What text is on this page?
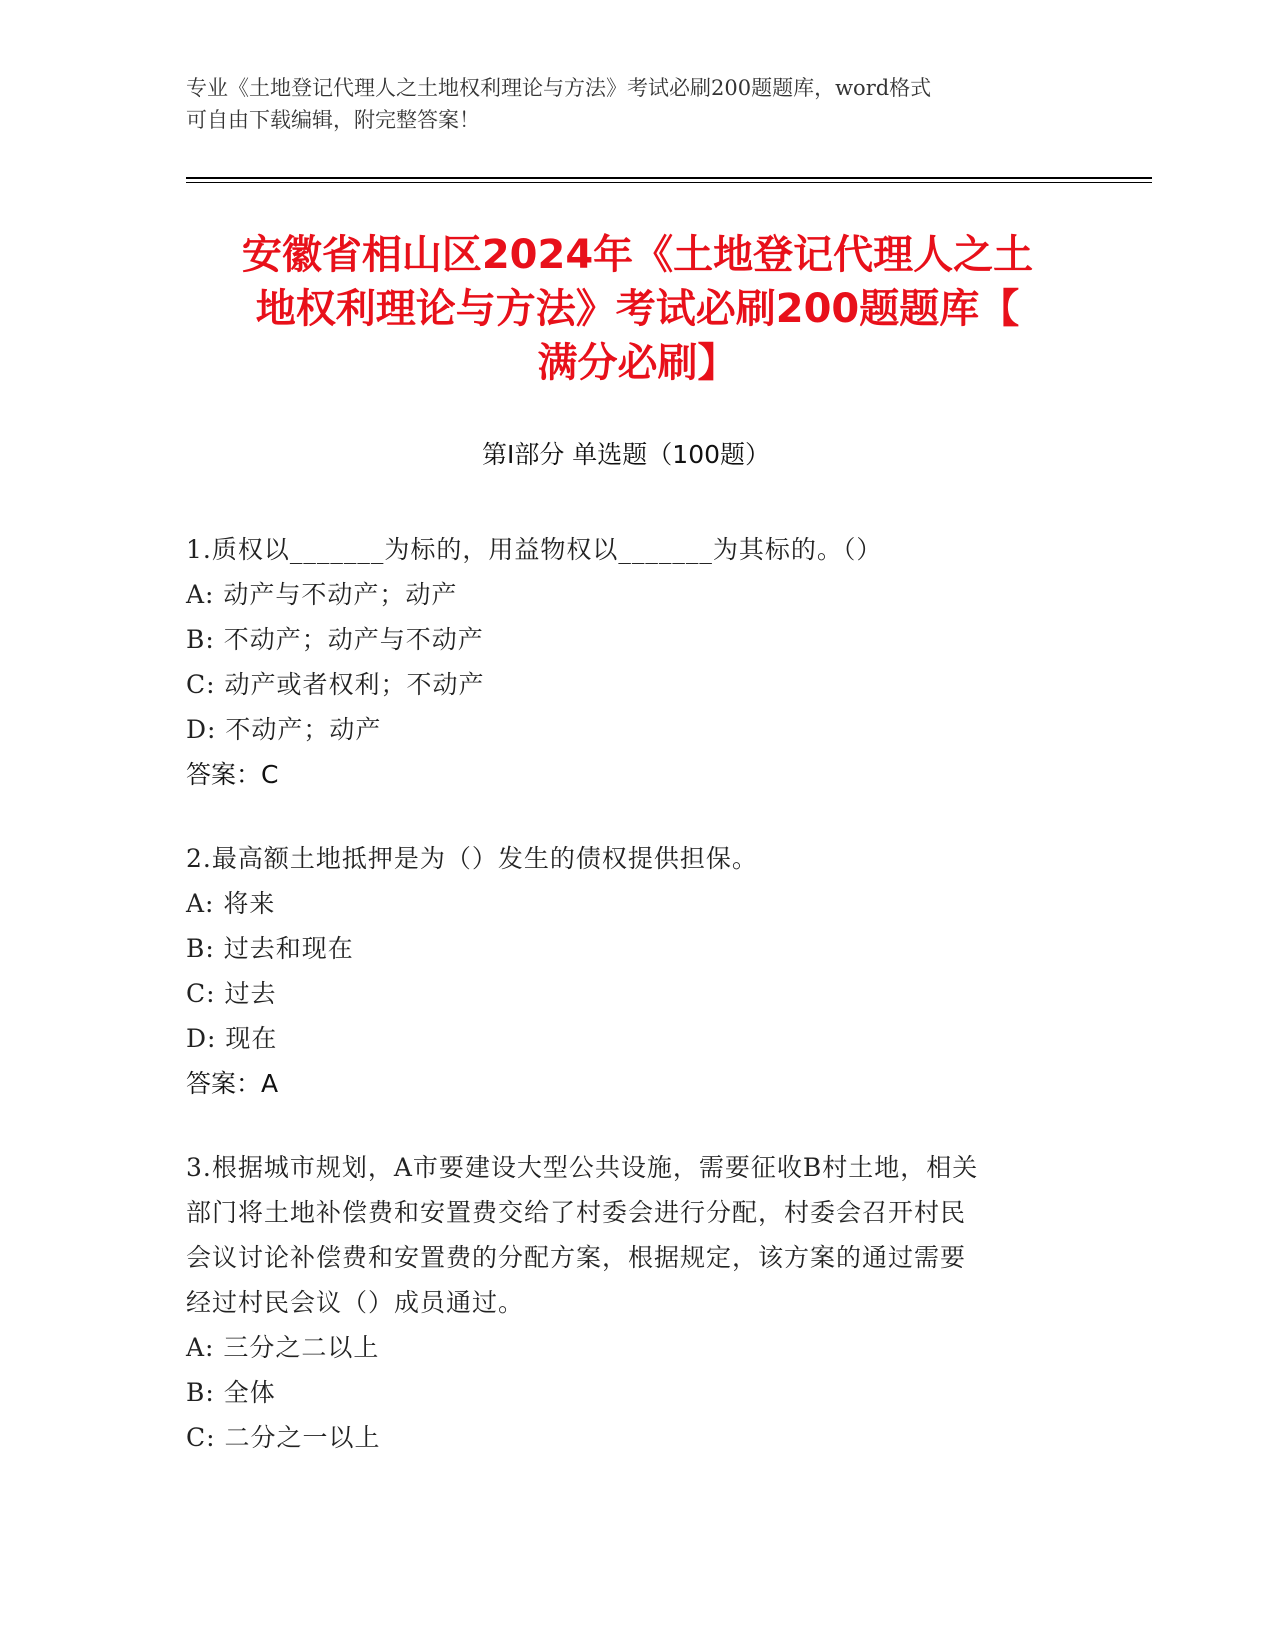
专业《土地登记代理人之土地权利理论与方法》考试必刷200题题库，word格式
可自由下载编辑，附完整答案！
安徽省相山区2024年《土地登记代理人之土
地权利理论与方法》考试必刷200题题库【
满分必刷】
第I部分 单选题（100题）
1.质权以_______为标的，用益物权以_______为其标的。（）
A: 动产与不动产；动产
B: 不动产；动产与不动产
C: 动产或者权利；不动产
D: 不动产；动产
答案：C
2.最高额土地抵押是为（）发生的债权提供担保。
A: 将来
B: 过去和现在
C: 过去
D: 现在
答案：A
3.根据城市规划，A市要建设大型公共设施，需要征收B村土地，相关
部门将土地补偿费和安置费交给了村委会进行分配，村委会召开村民
会议讨论补偿费和安置费的分配方案，根据规定，该方案的通过需要
经过村民会议（）成员通过。
A: 三分之二以上
B: 全体
C: 二分之一以上
